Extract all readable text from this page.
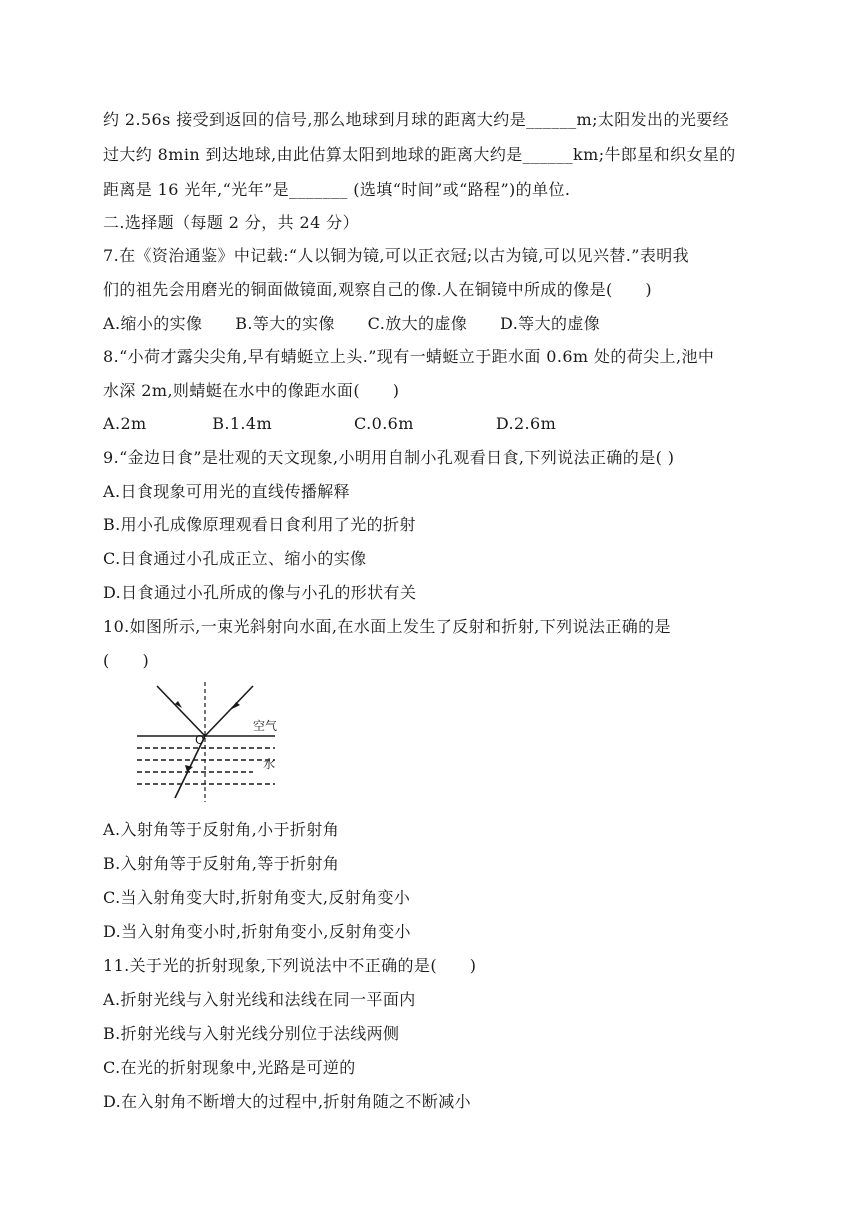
约 2.56s 接受到返回的信号,那么地球到月球的距离大约是______m;太阳发出的光要经
过大约 8min 到达地球,由此估算太阳到地球的距离大约是______km;牛郎星和织女星的
距离是 16 光年,“光年”是_______ (选填“时间”或“路程”)的单位.
二.选择题（每题 2 分，共 24 分）
7.在《资治通鉴》中记载:“人以铜为镜,可以正衣冠;以古为镜,可以见兴替.”表明我
们的祖先会用磨光的铜面做镜面,观察自己的像.人在铜镜中所成的像是(　　)
A.缩小的实像　　B.等大的实像　　C.放大的虚像　　D.等大的虚像
8.“小荷才露尖尖角,早有蜻蜓立上头.”现有一蜻蜓立于距水面 0.6m 处的荷尖上,池中
水深 2m,则蜻蜓在水中的像距水面(　　)
A.2m　　　　B.1.4m　　　　　C.0.6m　　　　　D.2.6m
9.“金边日食”是壮观的天文现象,小明用自制小孔观看日食,下列说法正确的是( )
A.日食现象可用光的直线传播解释
B.用小孔成像原理观看日食利用了光的折射
C.日食通过小孔成正立、缩小的实像
D.日食通过小孔所成的像与小孔的形状有关
10.如图所示,一束光斜射向水面,在水面上发生了反射和折射,下列说法正确的是
(　　)
O
空气
水
A.入射角等于反射角,小于折射角
B.入射角等于反射角,等于折射角
C.当入射角变大时,折射角变大,反射角变小
D.当入射角变小时,折射角变小,反射角变小
11.关于光的折射现象,下列说法中不正确的是(　　)
A.折射光线与入射光线和法线在同一平面内
B.折射光线与入射光线分别位于法线两侧
C.在光的折射现象中,光路是可逆的
D.在入射角不断增大的过程中,折射角随之不断减小
